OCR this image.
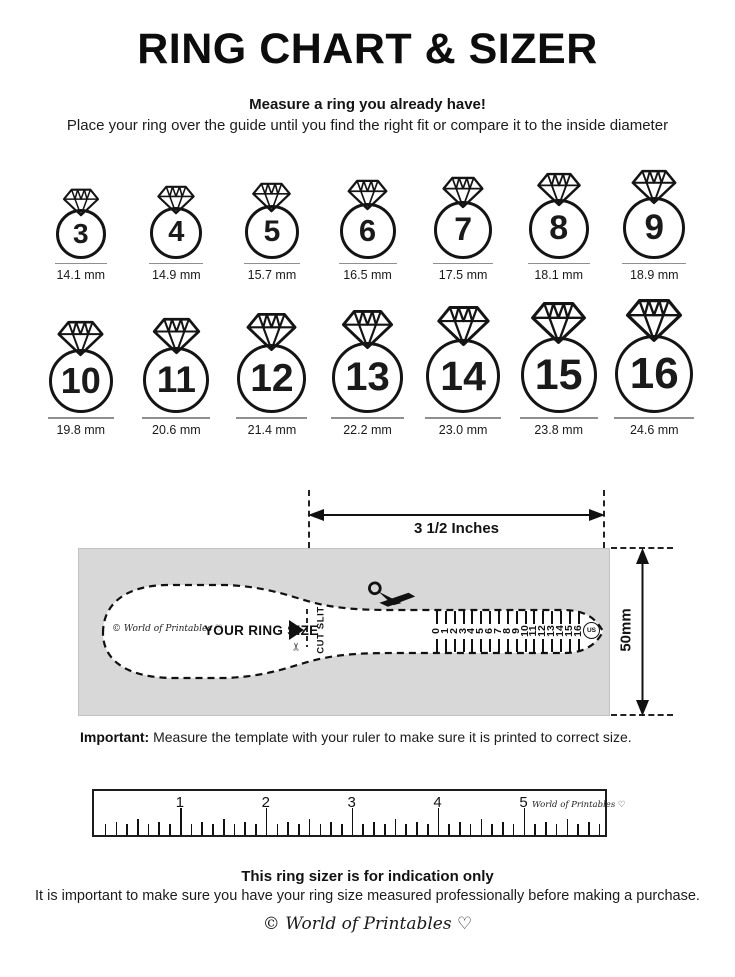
RING CHART & SIZER
Measure a ring you already have!
Place your ring over the guide until you find the right fit or compare it to the inside diameter
3
14.1 mm
4
14.9 mm
5
15.7 mm
6
16.5 mm
7
17.5 mm
8
18.1 mm
9
18.9 mm
10
19.8 mm
11
20.6 mm
12
21.4 mm
13
22.2 mm
14
23.0 mm
15
23.8 mm
16
24.6 mm
3 1/2 Inches
© World of Printables ♡
YOUR RING SIZE
CUT SLIT
✂
US 50mm
0
1
2
3
4
5
6
7
8
9
10
11
12
13
14
15
16
Important: Measure the template with your ruler to make sure it is printed to correct size.
World of Printables ♡
1	2	3	4	5
This ring sizer is for indication only
It is important to make sure you have your ring size measured professionally before making a purchase.
© World of Printables ♡
